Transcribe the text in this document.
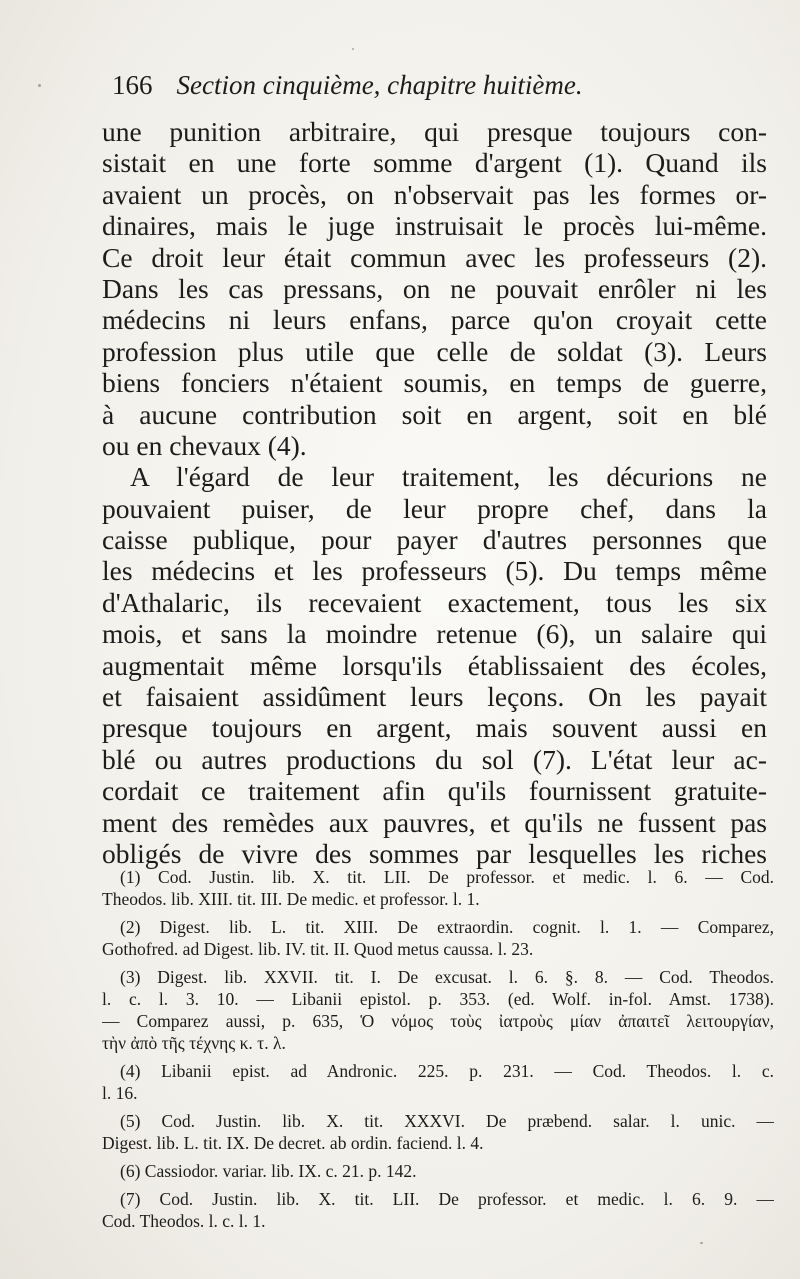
166 Section cinquième, chapitre huitième.
une punition arbitraire, qui presque toujours con-
sistait en une forte somme d'argent (1). Quand ils
avaient un procès, on n'observait pas les formes or-
dinaires, mais le juge instruisait le procès lui-même.
Ce droit leur était commun avec les professeurs (2).
Dans les cas pressans, on ne pouvait enrôler ni les
médecins ni leurs enfans, parce qu'on croyait cette
profession plus utile que celle de soldat (3). Leurs
biens fonciers n'étaient soumis, en temps de guerre,
à aucune contribution soit en argent, soit en blé
ou en chevaux (4).
A l'égard de leur traitement, les décurions ne
pouvaient puiser, de leur propre chef, dans la
caisse publique, pour payer d'autres personnes que
les médecins et les professeurs (5). Du temps même
d'Athalaric, ils recevaient exactement, tous les six
mois, et sans la moindre retenue (6), un salaire qui
augmentait même lorsqu'ils établissaient des écoles,
et faisaient assidûment leurs leçons. On les payait
presque toujours en argent, mais souvent aussi en
blé ou autres productions du sol (7). L'état leur ac-
cordait ce traitement afin qu'ils fournissent gratuite-
ment des remèdes aux pauvres, et qu'ils ne fussent pas
obligés de vivre des sommes par lesquelles les riches
(1) Cod. Justin. lib. X. tit. LII. De professor. et medic. l. 6. — Cod.
Theodos. lib. XIII. tit. III. De medic. et professor. l. 1.
(2) Digest. lib. L. tit. XIII. De extraordin. cognit. l. 1. — Comparez,
Gothofred. ad Digest. lib. IV. tit. II. Quod metus caussa. l. 23.
(3) Digest. lib. XXVII. tit. I. De excusat. l. 6. §. 8. — Cod. Theodos.
l. c. l. 3. 10. — Libanii epistol. p. 353. (ed. Wolf. in-fol. Amst. 1738).
— Comparez aussi, p. 635, Ὁ νόμος τοὺς ἰατροὺς μίαν ἀπαιτεῖ λειτουργίαν,
τὴν ἀπὸ τῆς τέχνης κ. τ. λ.
(4) Libanii epist. ad Andronic. 225. p. 231. — Cod. Theodos. l. c.
l. 16.
(5) Cod. Justin. lib. X. tit. XXXVI. De præbend. salar. l. unic. —
Digest. lib. L. tit. IX. De decret. ab ordin. faciend. l. 4.
(6) Cassiodor. variar. lib. IX. c. 21. p. 142.
(7) Cod. Justin. lib. X. tit. LII. De professor. et medic. l. 6. 9. —
Cod. Theodos. l. c. l. 1.
